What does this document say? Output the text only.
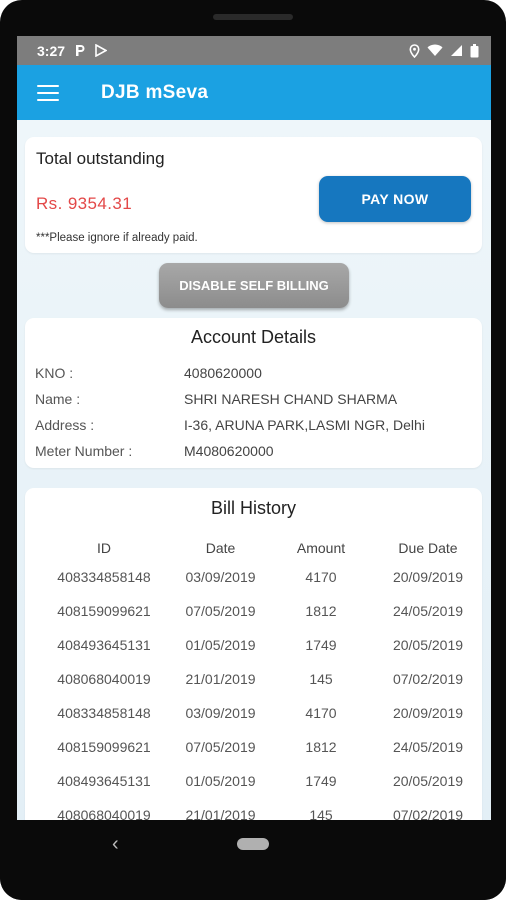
3:27
DJB mSeva
Total outstanding
Rs. 9354.31	PAY NOW
***Please ignore if already paid.
DISABLE SELF BILLING
Account Details
KNO :	4080620000
Name :	SHRI NARESH CHAND SHARMA
Address :	I-36, ARUNA PARK,LASMI NGR, Delhi
Meter Number :	M4080620000
Bill History
ID	Date	Amount	Due Date
408334858148	03/09/2019	4170	20/09/2019
408159099621	07/05/2019	1812	24/05/2019
408493645131	01/05/2019	1749	20/05/2019
408068040019	21/01/2019	145	07/02/2019
408334858148	03/09/2019	4170	20/09/2019
408159099621	07/05/2019	1812	24/05/2019
408493645131	01/05/2019	1749	20/05/2019
408068040019	21/01/2019	145	07/02/2019
‹
